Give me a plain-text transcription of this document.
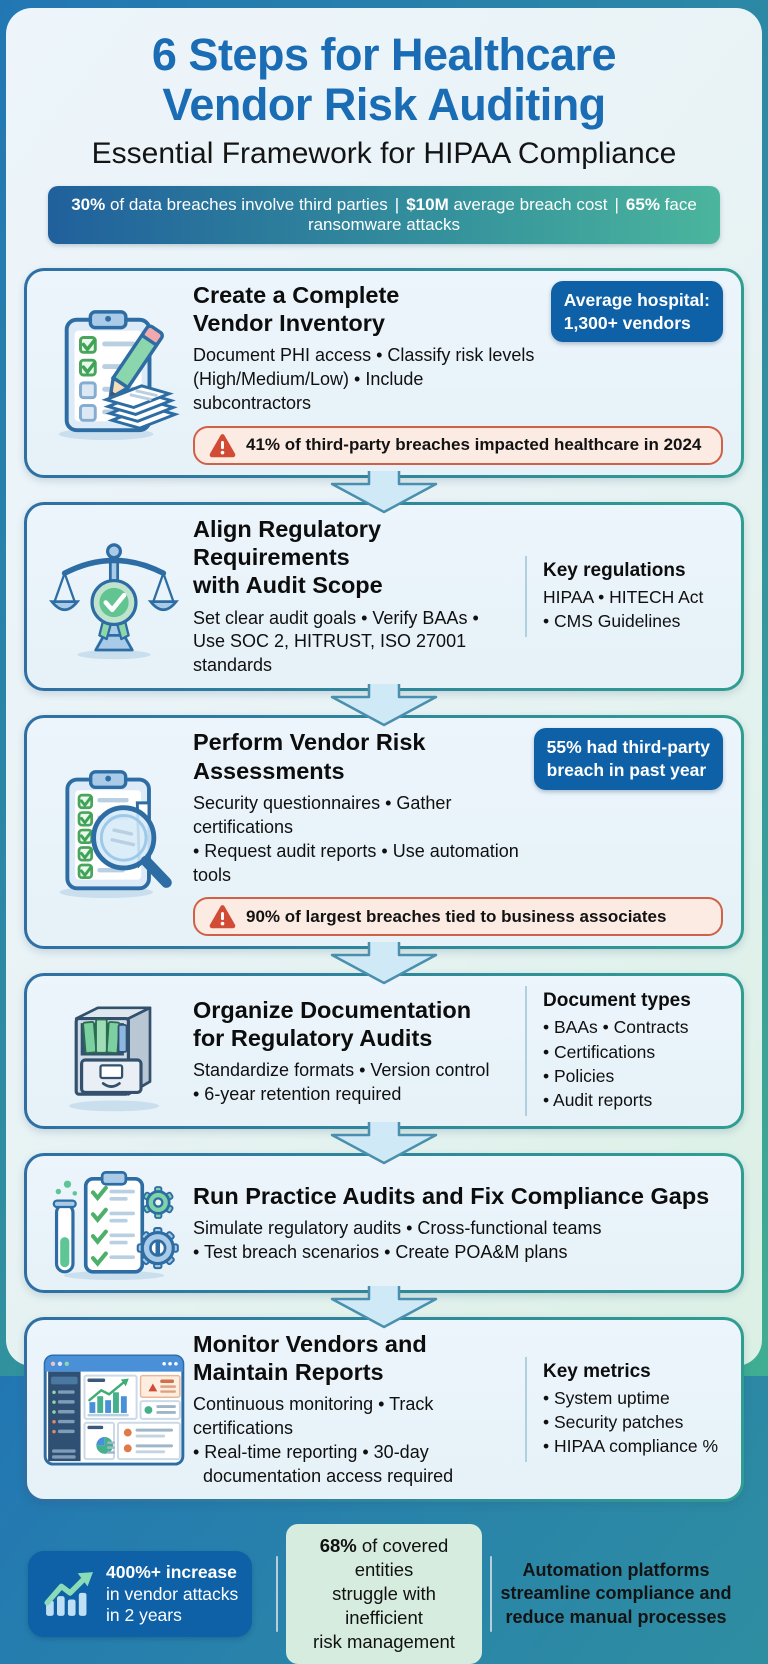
6 Steps for Healthcare
Vendor Risk Auditing
Essential Framework for HIPAA Compliance
30% of data breaches involve third parties | $10M average breach cost | 65% face ransomware attacks
Create a Complete
Vendor Inventory
Document PHI access • Classify risk levels
(High/Medium/Low) • Include subcontractors
Average hospital:
1,300+ vendors
41% of third-party breaches impacted healthcare in 2024
Align Regulatory Requirements
with Audit Scope
Set clear audit goals • Verify BAAs •
Use SOC 2, HITRUST, ISO 27001 standards
Key regulations
HIPAA • HITECH Act
• CMS Guidelines
Perform Vendor Risk
Assessments
Security questionnaires • Gather certifications
• Request audit reports • Use automation tools
55% had third-party
breach in past year
90% of largest breaches tied to business associates
Organize Documentation
for Regulatory Audits
Standardize formats • Version control
• 6-year retention required
Document types
• BAAs • Contracts
• Certifications
• Policies
• Audit reports
Run Practice Audits and Fix Compliance Gaps
Simulate regulatory audits • Cross-functional teams
• Test breach scenarios • Create POA&M plans
Monitor Vendors and
Maintain Reports
Continuous monitoring • Track certifications
• Real-time reporting • 30-day
documentation access required
Key metrics
• System uptime
• Security patches
• HIPAA compliance %
400%+ increase
in vendor attacks
in 2 years
68% of covered entities
struggle with inefficient
risk management
Automation platforms
streamline compliance and
reduce manual processes
